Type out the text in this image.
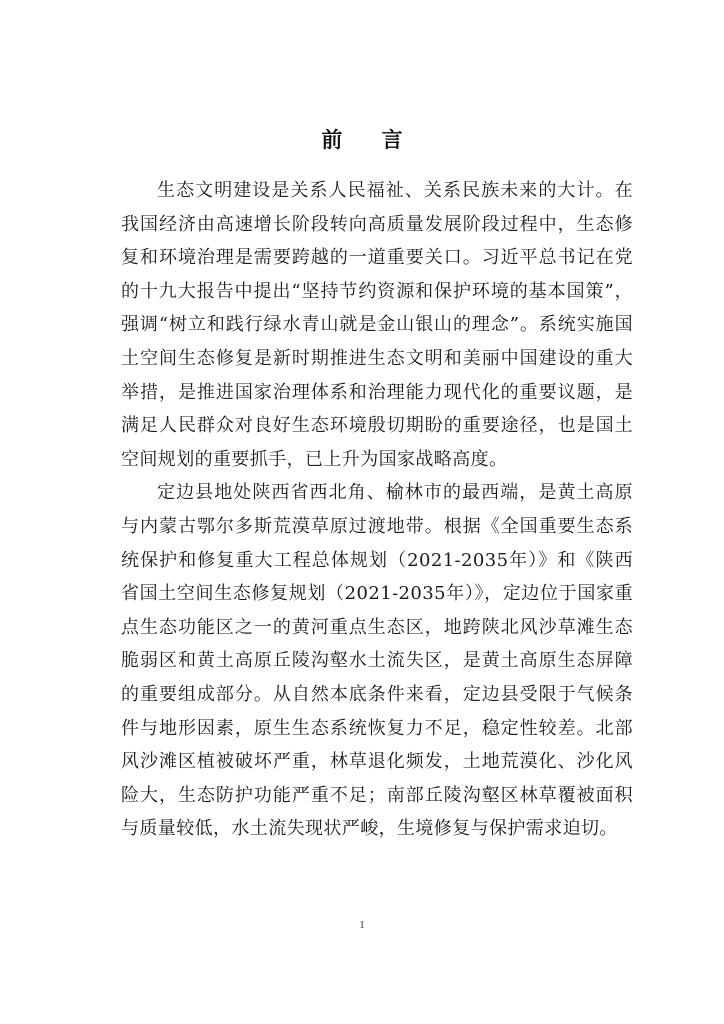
前 言

生态文明建设是关系人民福祉、关系民族未来的大计。在我国经济由高速增长阶段转向高质量发展阶段过程中，生态修复和环境治理是需要跨越的一道重要关口。习近平总书记在党的十九大报告中提出“坚持节约资源和保护环境的基本国策”，强调“树立和践行绿水青山就是金山银山的理念”。系统实施国土空间生态修复是新时期推进生态文明和美丽中国建设的重大举措，是推进国家治理体系和治理能力现代化的重要议题，是满足人民群众对良好生态环境殷切期盼的重要途径，也是国土空间规划的重要抓手，已上升为国家战略高度。

定边县地处陕西省西北角、榆林市的最西端，是黄土高原与内蒙古鄂尔多斯荒漠草原过渡地带。根据《全国重要生态系统保护和修复重大工程总体规划（2021-2035年）》和《陕西省国土空间生态修复规划（2021-2035年）》，定边位于国家重点生态功能区之一的黄河重点生态区，地跨陕北风沙草滩生态脆弱区和黄土高原丘陵沟壑水土流失区，是黄土高原生态屏障的重要组成部分。从自然本底条件来看，定边县受限于气候条件与地形因素，原生生态系统恢复力不足，稳定性较差。北部风沙滩区植被破坏严重，林草退化频发，土地荒漠化、沙化风险大，生态防护功能严重不足；南部丘陵沟壑区林草覆被面积与质量较低，水土流失现状严峻，生境修复与保护需求迫切。

1
